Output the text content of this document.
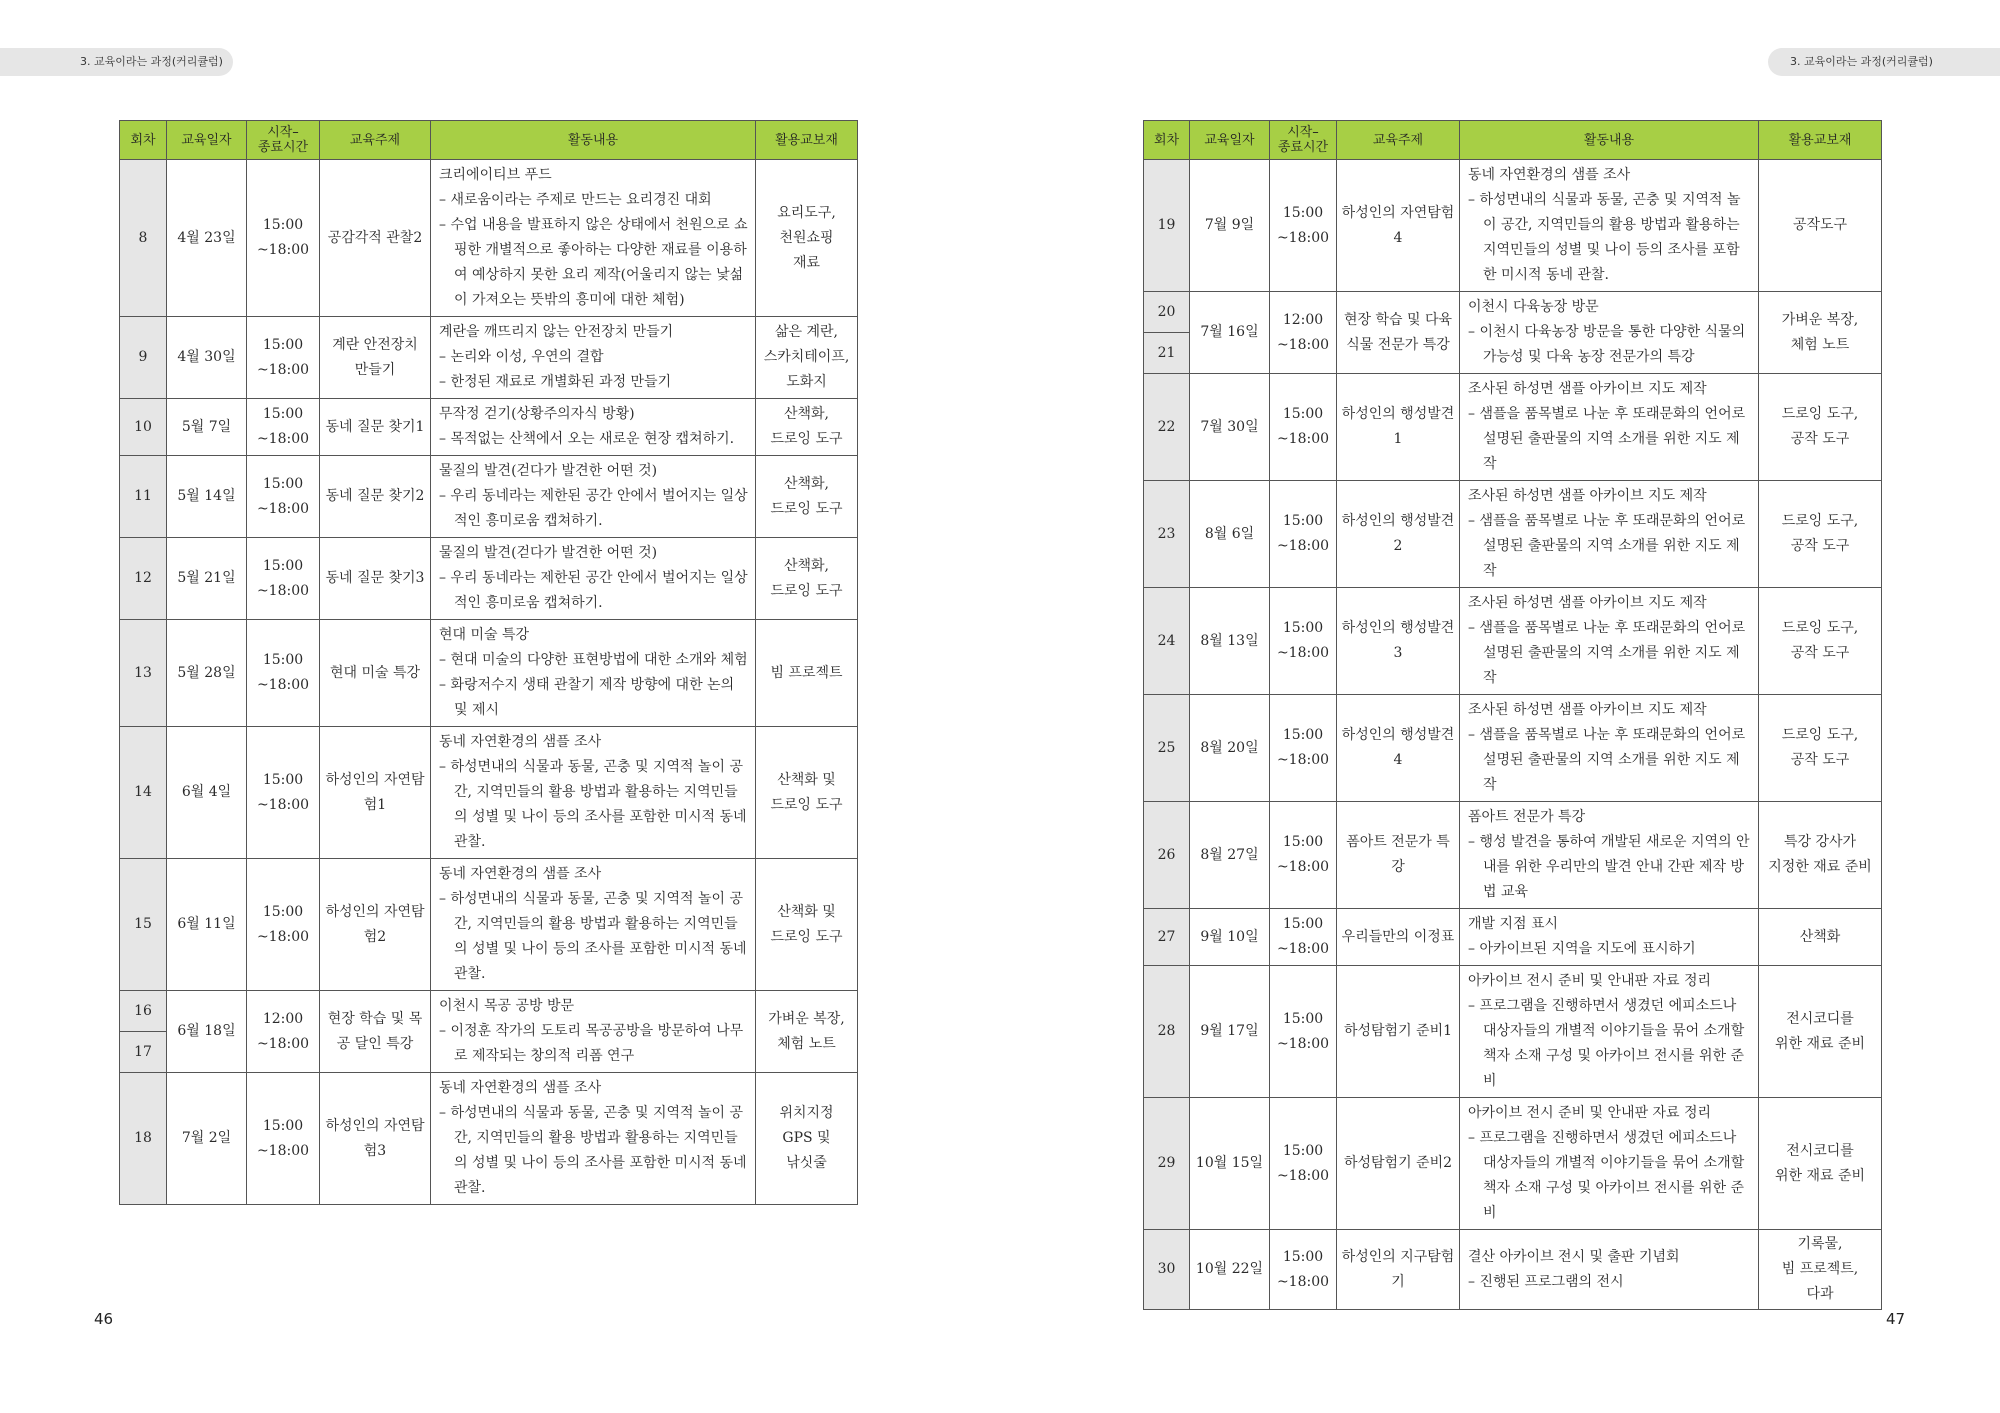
3. 교육이라는 과정(커리큘럼)	3. 교육이라는 과정(커리큘럼)
회차	교육일자	시작–
종료시간	교육주제	활동내용	활용교보재
8	4월 23일	15:00
~18:00	공감각적 관찰2	크리에이티브 푸드
– 새로움이라는 주제로 만드는 요리경진 대회
– 수업 내용을 발표하지 않은 상태에서 천원으로 쇼핑한 개별적으로 좋아하는 다양한 재료를 이용하여 예상하지 못한 요리 제작(어울리지 않는 낯섦이 가져오는 뜻밖의 흥미에 대한 체험)	요리도구,
천원쇼핑
재료

9	4월 30일	15:00
~18:00	계란 안전장치 만들기	계란을 깨뜨리지 않는 안전장치 만들기
– 논리와 이성, 우연의 결합
– 한정된 재료로 개별화된 과정 만들기	삶은 계란,
스카치테이프,
도화지

10	5월 7일	15:00
~18:00	동네 질문 찾기1	무작정 걷기(상황주의자식 방황)
– 목적없는 산책에서 오는 새로운 현장 캡쳐하기.	산책화,
드로잉 도구

11	5월 14일	15:00
~18:00	동네 질문 찾기2	물질의 발견(걷다가 발견한 어떤 것)
– 우리 동네라는 제한된 공간 안에서 벌어지는 일상적인 흥미로움 캡쳐하기.	산책화,
드로잉 도구

12	5월 21일	15:00
~18:00	동네 질문 찾기3	물질의 발견(걷다가 발견한 어떤 것)
– 우리 동네라는 제한된 공간 안에서 벌어지는 일상적인 흥미로움 캡쳐하기.	산책화,
드로잉 도구

13	5월 28일	15:00
~18:00	현대 미술 특강	현대 미술 특강
– 현대 미술의 다양한 표현방법에 대한 소개와 체험
– 화랑저수지 생태 관찰기 제작 방향에 대한 논의 및 제시	빔 프로젝트

14	6월 4일	15:00
~18:00	하성인의 자연탐험1	동네 자연환경의 샘플 조사
– 하성면내의 식물과 동물, 곤충 및 지역적 놀이 공간, 지역민들의 활용 방법과 활용하는 지역민들의 성별 및 나이 등의 조사를 포함한 미시적 동네 관찰.	산책화 및
드로잉 도구

15	6월 11일	15:00
~18:00	하성인의 자연탐험2	동네 자연환경의 샘플 조사
– 하성면내의 식물과 동물, 곤충 및 지역적 놀이 공간, 지역민들의 활용 방법과 활용하는 지역민들의 성별 및 나이 등의 조사를 포함한 미시적 동네 관찰.	산책화 및
드로잉 도구

16	6월 18일	12:00
~18:00	현장 학습 및 목공 달인 특강	이천시 목공 공방 방문
– 이정훈 작가의 도토리 목공공방을 방문하여 나무로 제작되는 창의적 리폼 연구	가벼운 복장,
체험 노트

17					
18	7월 2일	15:00
~18:00	하성인의 자연탐험3	동네 자연환경의 샘플 조사
– 하성면내의 식물과 동물, 곤충 및 지역적 놀이 공간, 지역민들의 활용 방법과 활용하는 지역민들의 성별 및 나이 등의 조사를 포함한 미시적 동네 관찰.	위치지정
GPS 및
낚싯줄
회차	교육일자	시작–
종료시간	교육주제	활동내용	활용교보재
19	7월 9일	15:00
~18:00	하성인의 자연탐험4	동네 자연환경의 샘플 조사
– 하성면내의 식물과 동물, 곤충 및 지역적 놀이 공간, 지역민들의 활용 방법과 활용하는 지역민들의 성별 및 나이 등의 조사를 포함한 미시적 동네 관찰.	공작도구

20	7월 16일	12:00
~18:00	현장 학습 및 다육 식물 전문가 특강	이천시 다육농장 방문
– 이천시 다육농장 방문을 통한 다양한 식물의 가능성 및 다육 농장 전문가의 특강	가벼운 복장,
체험 노트

21					
22	7월 30일	15:00
~18:00	하성인의 행성발견1	조사된 하성면 샘플 아카이브 지도 제작
– 샘플을 품목별로 나눈 후 또래문화의 언어로 설명된 출판물의 지역 소개를 위한 지도 제작	드로잉 도구,
공작 도구

23	8월 6일	15:00
~18:00	하성인의 행성발견2	조사된 하성면 샘플 아카이브 지도 제작
– 샘플을 품목별로 나눈 후 또래문화의 언어로 설명된 출판물의 지역 소개를 위한 지도 제작	드로잉 도구,
공작 도구

24	8월 13일	15:00
~18:00	하성인의 행성발견3	조사된 하성면 샘플 아카이브 지도 제작
– 샘플을 품목별로 나눈 후 또래문화의 언어로 설명된 출판물의 지역 소개를 위한 지도 제작	드로잉 도구,
공작 도구

25	8월 20일	15:00
~18:00	하성인의 행성발견4	조사된 하성면 샘플 아카이브 지도 제작
– 샘플을 품목별로 나눈 후 또래문화의 언어로 설명된 출판물의 지역 소개를 위한 지도 제작	드로잉 도구,
공작 도구

26	8월 27일	15:00
~18:00	폼아트 전문가 특강	폼아트 전문가 특강
– 행성 발견을 통하여 개발된 새로운 지역의 안내를 위한 우리만의 발견 안내 간판 제작 방법 교육	특강 강사가
지정한 재료 준비

27	9월 10일	15:00
~18:00	우리들만의 이정표	개발 지점 표시
– 아카이브된 지역을 지도에 표시하기	산책화

28	9월 17일	15:00
~18:00	하성탐험기 준비1	아카이브 전시 준비 및 안내판 자료 정리
– 프로그램을 진행하면서 생겼던 에피소드나 대상자들의 개별적 이야기들을 묶어 소개할 책자 소재 구성 및 아카이브 전시를 위한 준비	전시코디를
위한 재료 준비

29	10월 15일	15:00
~18:00	하성탐험기 준비2	아카이브 전시 준비 및 안내판 자료 정리
– 프로그램을 진행하면서 생겼던 에피소드나 대상자들의 개별적 이야기들을 묶어 소개할 책자 소재 구성 및 아카이브 전시를 위한 준비	전시코디를
위한 재료 준비

30	10월 22일	15:00
~18:00	하성인의 지구탐험기	결산 아카이브 전시 및 출판 기념회
– 진행된 프로그램의 전시	기록물,
빔 프로젝트,
다과
46	47
